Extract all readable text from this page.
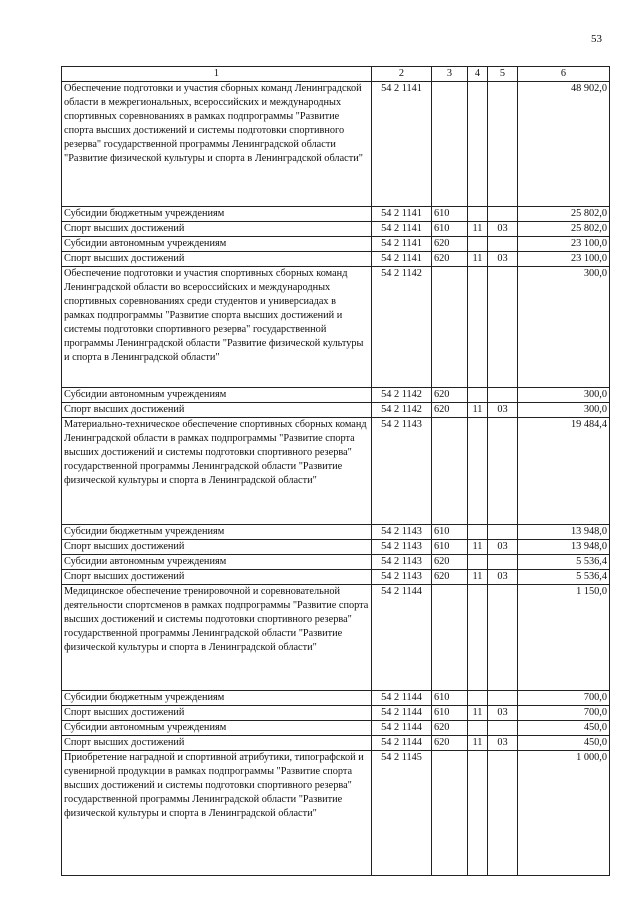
53
1	2	3	4	5	6
Обеспечение подготовки и участия сборных команд Ленинградской области в межрегиональных, всероссийских и международных спортивных соревнованиях в рамках подпрограммы "Развитие спорта высших достижений и системы подготовки спортивного резерва" государственной программы Ленинградской области "Развитие физической культуры и спорта в Ленинградской области"	54 2 1141				48 902,0
Субсидии бюджетным учреждениям	54 2 1141	610			25 802,0
Спорт высших достижений	54 2 1141	610	11	03	25 802,0
Субсидии автономным учреждениям	54 2 1141	620			23 100,0
Спорт высших достижений	54 2 1141	620	11	03	23 100,0
Обеспечение подготовки и участия спортивных сборных команд Ленинградской области во всероссийских и международных спортивных соревнованиях среди студентов и универсиадах в рамках подпрограммы "Развитие спорта высших достижений и системы подготовки спортивного резерва" государственной программы Ленинградской области "Развитие физической культуры и спорта в Ленинградской области"	54 2 1142				300,0
Субсидии автономным учреждениям	54 2 1142	620			300,0
Спорт высших достижений	54 2 1142	620	11	03	300,0
Материально-техническое обеспечение спортивных сборных команд Ленинградской области в рамках подпрограммы "Развитие спорта высших достижений и системы подготовки спортивного резерва" государственной программы Ленинградской области "Развитие физической культуры и спорта в Ленинградской области"	54 2 1143				19 484,4
Субсидии бюджетным учреждениям	54 2 1143	610			13 948,0
Спорт высших достижений	54 2 1143	610	11	03	13 948,0
Субсидии автономным учреждениям	54 2 1143	620			5 536,4
Спорт высших достижений	54 2 1143	620	11	03	5 536,4
Медицинское обеспечение тренировочной и соревновательной деятельности спортсменов в рамках подпрограммы "Развитие спорта высших достижений и системы подготовки спортивного резерва" государственной программы Ленинградской области "Развитие физической культуры и спорта в Ленинградской области"	54 2 1144				1 150,0
Субсидии бюджетным учреждениям	54 2 1144	610			700,0
Спорт высших достижений	54 2 1144	610	11	03	700,0
Субсидии автономным учреждениям	54 2 1144	620			450,0
Спорт высших достижений	54 2 1144	620	11	03	450,0
Приобретение наградной и спортивной атрибутики, типографской и сувенирной продукции в рамках подпрограммы "Развитие спорта высших достижений и системы подготовки спортивного резерва" государственной программы Ленинградской области "Развитие физической культуры и спорта в Ленинградской области"	54 2 1145				1 000,0
